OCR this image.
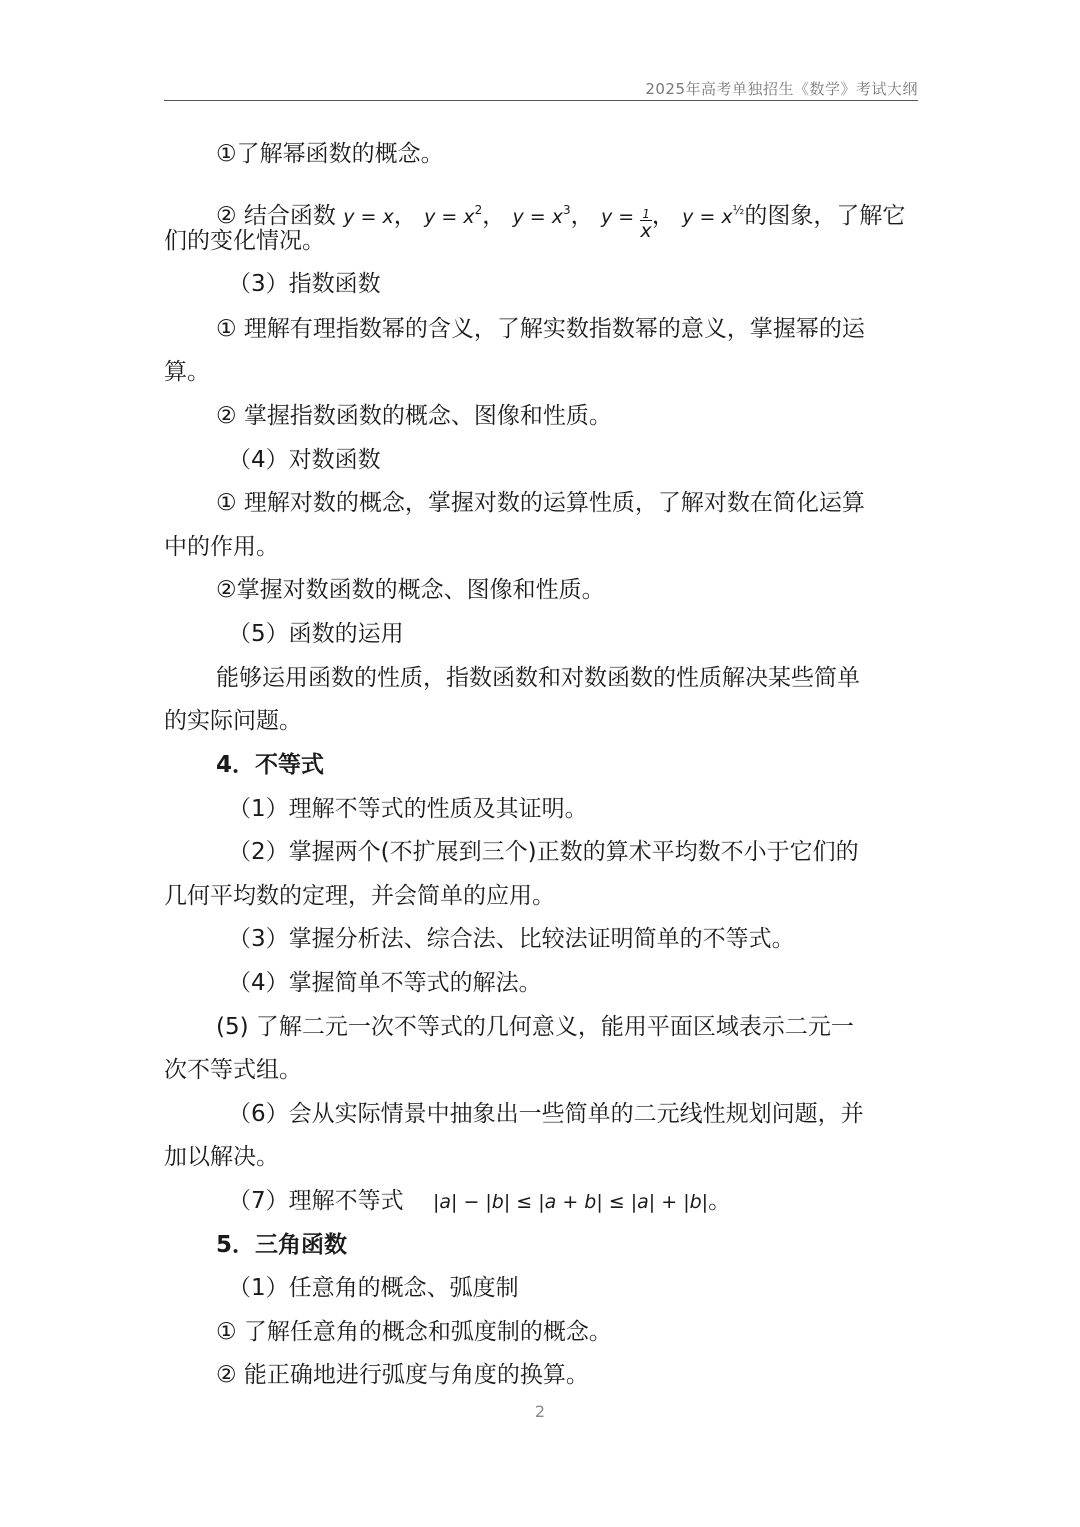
2025年高考单独招生《数学》考试大纲
①了解幂函数的概念。
② 结合函数 y = x， $y = x^2$， $y = x^3$， $y = \frac{1}{x}$ ， $y = x^{\frac{1}{2}}$的图象，了解它
们的变化情况。
（3）指数函数
① 理解有理指数幂的含义，了解实数指数幂的意义，掌握幂的运
算。
② 掌握指数函数的概念、图像和性质。
（4）对数函数
① 理解对数的概念，掌握对数的运算性质，了解对数在简化运算
中的作用。
②掌握对数函数的概念、图像和性质。
（5）函数的运用
能够运用函数的性质，指数函数和对数函数的性质解决某些简单
的实际问题。
4．不等式
（1）理解不等式的性质及其证明。
（2）掌握两个(不扩展到三个)正数的算术平均数不小于它们的
几何平均数的定理，并会简单的应用。
（3）掌握分析法、综合法、比较法证明简单的不等式。
（4）掌握简单不等式的解法。
(5) 了解二元一次不等式的几何意义，能用平面区域表示二元一
次不等式组。
（6）会从实际情景中抽象出一些简单的二元线性规划问题，并
加以解决。
（7）理解不等式 |a| − |b| ≤ |a + b| ≤ |a| + |b|。
5．三角函数
（1）任意角的概念、弧度制
① 了解任意角的概念和弧度制的概念。
② 能正确地进行弧度与角度的换算。
2
